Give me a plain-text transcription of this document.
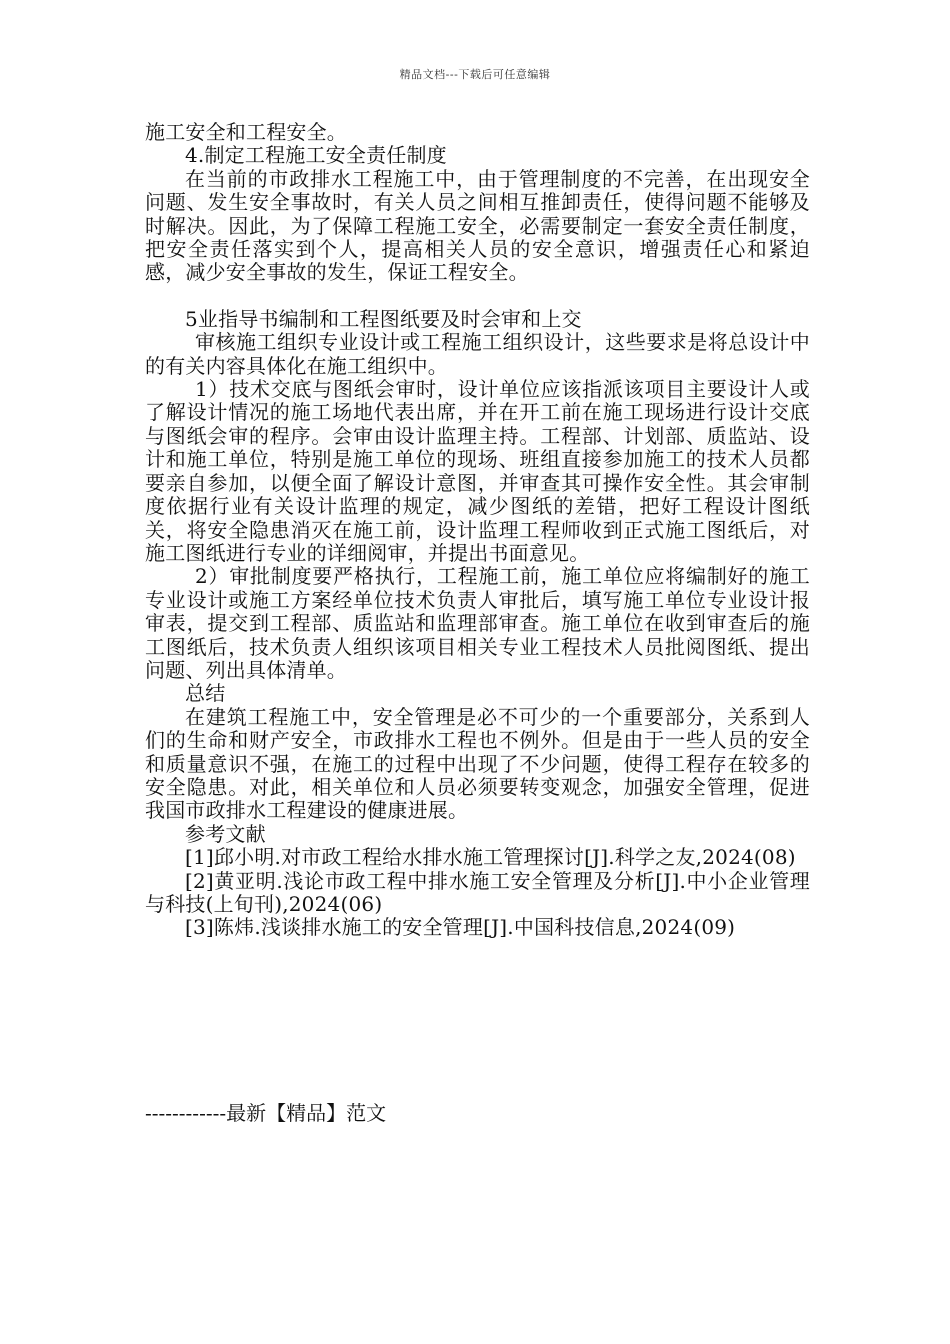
精品文档---下载后可任意编辑

施工安全和工程安全。

4.制定工程施工安全责任制度

在当前的市政排水工程施工中，由于管理制度的不完善，在出现安全问题、发生安全事故时，有关人员之间相互推卸责任，使得问题不能够及时解决。因此，为了保障工程施工安全，必需要制定一套安全责任制度，把安全责任落实到个人，提高相关人员的安全意识，增强责任心和紧迫感，减少安全事故的发生，保证工程安全。

5业指导书编制和工程图纸要及时会审和上交

审核施工组织专业设计或工程施工组织设计，这些要求是将总设计中的有关内容具体化在施工组织中。

1）技术交底与图纸会审时，设计单位应该指派该项目主要设计人或了解设计情况的施工场地代表出席，并在开工前在施工现场进行设计交底与图纸会审的程序。会审由设计监理主持。工程部、计划部、质监站、设计和施工单位，特别是施工单位的现场、班组直接参加施工的技术人员都要亲自参加，以便全面了解设计意图，并审查其可操作安全性。其会审制度依据行业有关设计监理的规定，减少图纸的差错，把好工程设计图纸关，将安全隐患消灭在施工前，设计监理工程师收到正式施工图纸后，对施工图纸进行专业的详细阅审，并提出书面意见。

2）审批制度要严格执行，工程施工前，施工单位应将编制好的施工专业设计或施工方案经单位技术负责人审批后，填写施工单位专业设计报审表，提交到工程部、质监站和监理部审查。施工单位在收到审查后的施工图纸后，技术负责人组织该项目相关专业工程技术人员批阅图纸、提出问题、列出具体清单。

总结

在建筑工程施工中，安全管理是必不可少的一个重要部分，关系到人们的生命和财产安全，市政排水工程也不例外。但是由于一些人员的安全和质量意识不强，在施工的过程中出现了不少问题，使得工程存在较多的安全隐患。对此，相关单位和人员必须要转变观念，加强安全管理，促进我国市政排水工程建设的健康进展。

参考文献

[1]邱小明.对市政工程给水排水施工管理探讨[J].科学之友,2024(08)

[2]黄亚明.浅论市政工程中排水施工安全管理及分析[J].中小企业管理与科技(上旬刊),2024(06)

[3]陈炜.浅谈排水施工的安全管理[J].中国科技信息,2024(09)

------------最新【精品】范文
